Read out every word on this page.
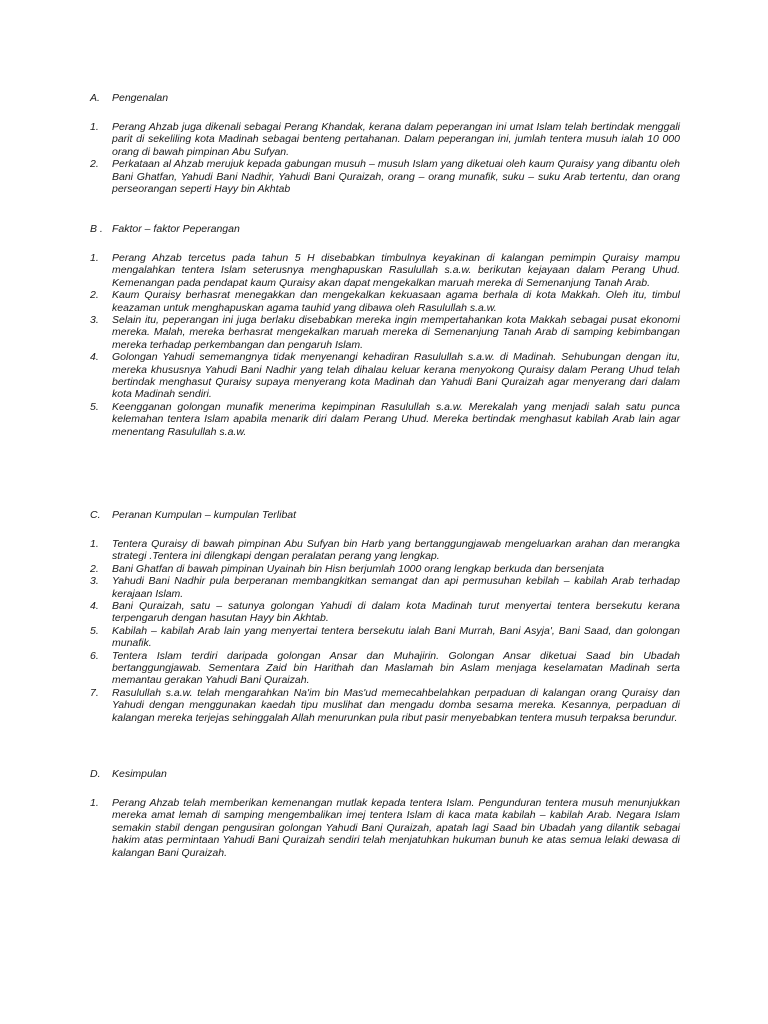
A.	Pengenalan
1.	Perang Ahzab juga dikenali sebagai Perang Khandak, kerana dalam peperangan ini umat Islam telah bertindak menggali parit di sekeliling kota Madinah sebagai benteng pertahanan. Dalam peperangan ini, jumlah tentera musuh ialah 10 000 orang di bawah pimpinan Abu Sufyan.
2.	Perkataan al Ahzab merujuk kepada gabungan musuh – musuh Islam yang diketuai oleh kaum Quraisy yang dibantu oleh Bani Ghatfan, Yahudi Bani Nadhir, Yahudi Bani Quraizah, orang – orang munafik, suku – suku Arab tertentu, dan orang perseorangan seperti Hayy bin Akhtab
B . Faktor – faktor Peperangan
1.	Perang Ahzab tercetus pada tahun 5 H disebabkan timbulnya keyakinan di kalangan pemimpin Quraisy mampu mengalahkan tentera Islam seterusnya menghapuskan Rasulullah s.a.w. berikutan kejayaan dalam Perang Uhud. Kemenangan pada pendapat kaum Quraisy akan dapat mengekalkan maruah mereka di Semenanjung Tanah Arab.
2.	Kaum Quraisy berhasrat menegakkan dan mengekalkan kekuasaan agama berhala di kota Makkah. Oleh itu, timbul keazaman untuk menghapuskan agama tauhid yang dibawa oleh Rasulullah s.a.w.
3.	Selain itu, peperangan ini juga berlaku disebabkan mereka ingin mempertahankan kota Makkah sebagai pusat ekonomi mereka. Malah, mereka berhasrat mengekalkan maruah mereka di Semenanjung Tanah Arab di samping kebimbangan mereka terhadap perkembangan dan pengaruh Islam.
4.	Golongan Yahudi sememangnya tidak menyenangi kehadiran Rasulullah s.a.w. di Madinah. Sehubungan dengan itu, mereka khususnya Yahudi Bani Nadhir yang telah dihalau keluar kerana menyokong Quraisy dalam Perang Uhud telah bertindak menghasut Quraisy supaya menyerang kota Madinah dan Yahudi Bani Quraizah agar menyerang dari dalam kota Madinah sendiri.
5.	Keengganan golongan munafik menerima kepimpinan Rasulullah s.a.w. Merekalah yang menjadi salah satu punca kelemahan tentera Islam apabila menarik diri dalam Perang Uhud. Mereka bertindak menghasut kabilah Arab lain agar menentang Rasulullah s.a.w.
C.	Peranan Kumpulan – kumpulan Terlibat
1.	Tentera Quraisy di bawah pimpinan Abu Sufyan bin Harb yang bertanggungjawab mengeluarkan arahan dan merangka strategi .Tentera ini dilengkapi dengan peralatan perang yang lengkap.
2.	Bani Ghatfan di bawah pimpinan Uyainah bin Hisn berjumlah 1000 orang lengkap berkuda dan bersenjata
3.	Yahudi Bani Nadhir pula berperanan membangkitkan semangat dan api permusuhan kebilah – kabilah Arab terhadap kerajaan Islam.
4.	Bani Quraizah, satu – satunya golongan Yahudi di dalam kota Madinah turut menyertai tentera bersekutu kerana terpengaruh dengan hasutan Hayy bin Akhtab.
5.	Kabilah – kabilah Arab lain yang menyertai tentera bersekutu ialah Bani Murrah, Bani Asyja', Bani Saad, dan golongan munafik.
6.	Tentera Islam terdiri daripada golongan Ansar dan Muhajirin. Golongan Ansar diketuai Saad bin Ubadah bertanggungjawab. Sementara Zaid bin Harithah dan Maslamah bin Aslam menjaga keselamatan Madinah serta memantau gerakan Yahudi Bani Quraizah.
7.	Rasulullah s.a.w. telah mengarahkan Na'im bin Mas'ud memecahbelahkan perpaduan di kalangan orang Quraisy dan Yahudi dengan menggunakan kaedah tipu muslihat dan mengadu domba sesama mereka. Kesannya, perpaduan di kalangan mereka terjejas sehinggalah Allah menurunkan pula ribut pasir menyebabkan tentera musuh terpaksa berundur.
D.	Kesimpulan
1.	Perang Ahzab telah memberikan kemenangan mutlak kepada tentera Islam. Pengunduran tentera musuh menunjukkan mereka amat lemah di samping mengembalikan imej tentera Islam di kaca mata kabilah – kabilah Arab. Negara Islam semakin stabil dengan pengusiran golongan Yahudi Bani Quraizah, apatah lagi Saad bin Ubadah yang dilantik sebagai hakim atas permintaan Yahudi Bani Quraizah sendiri telah menjatuhkan hukuman bunuh ke atas semua lelaki dewasa di kalangan Bani Quraizah.
